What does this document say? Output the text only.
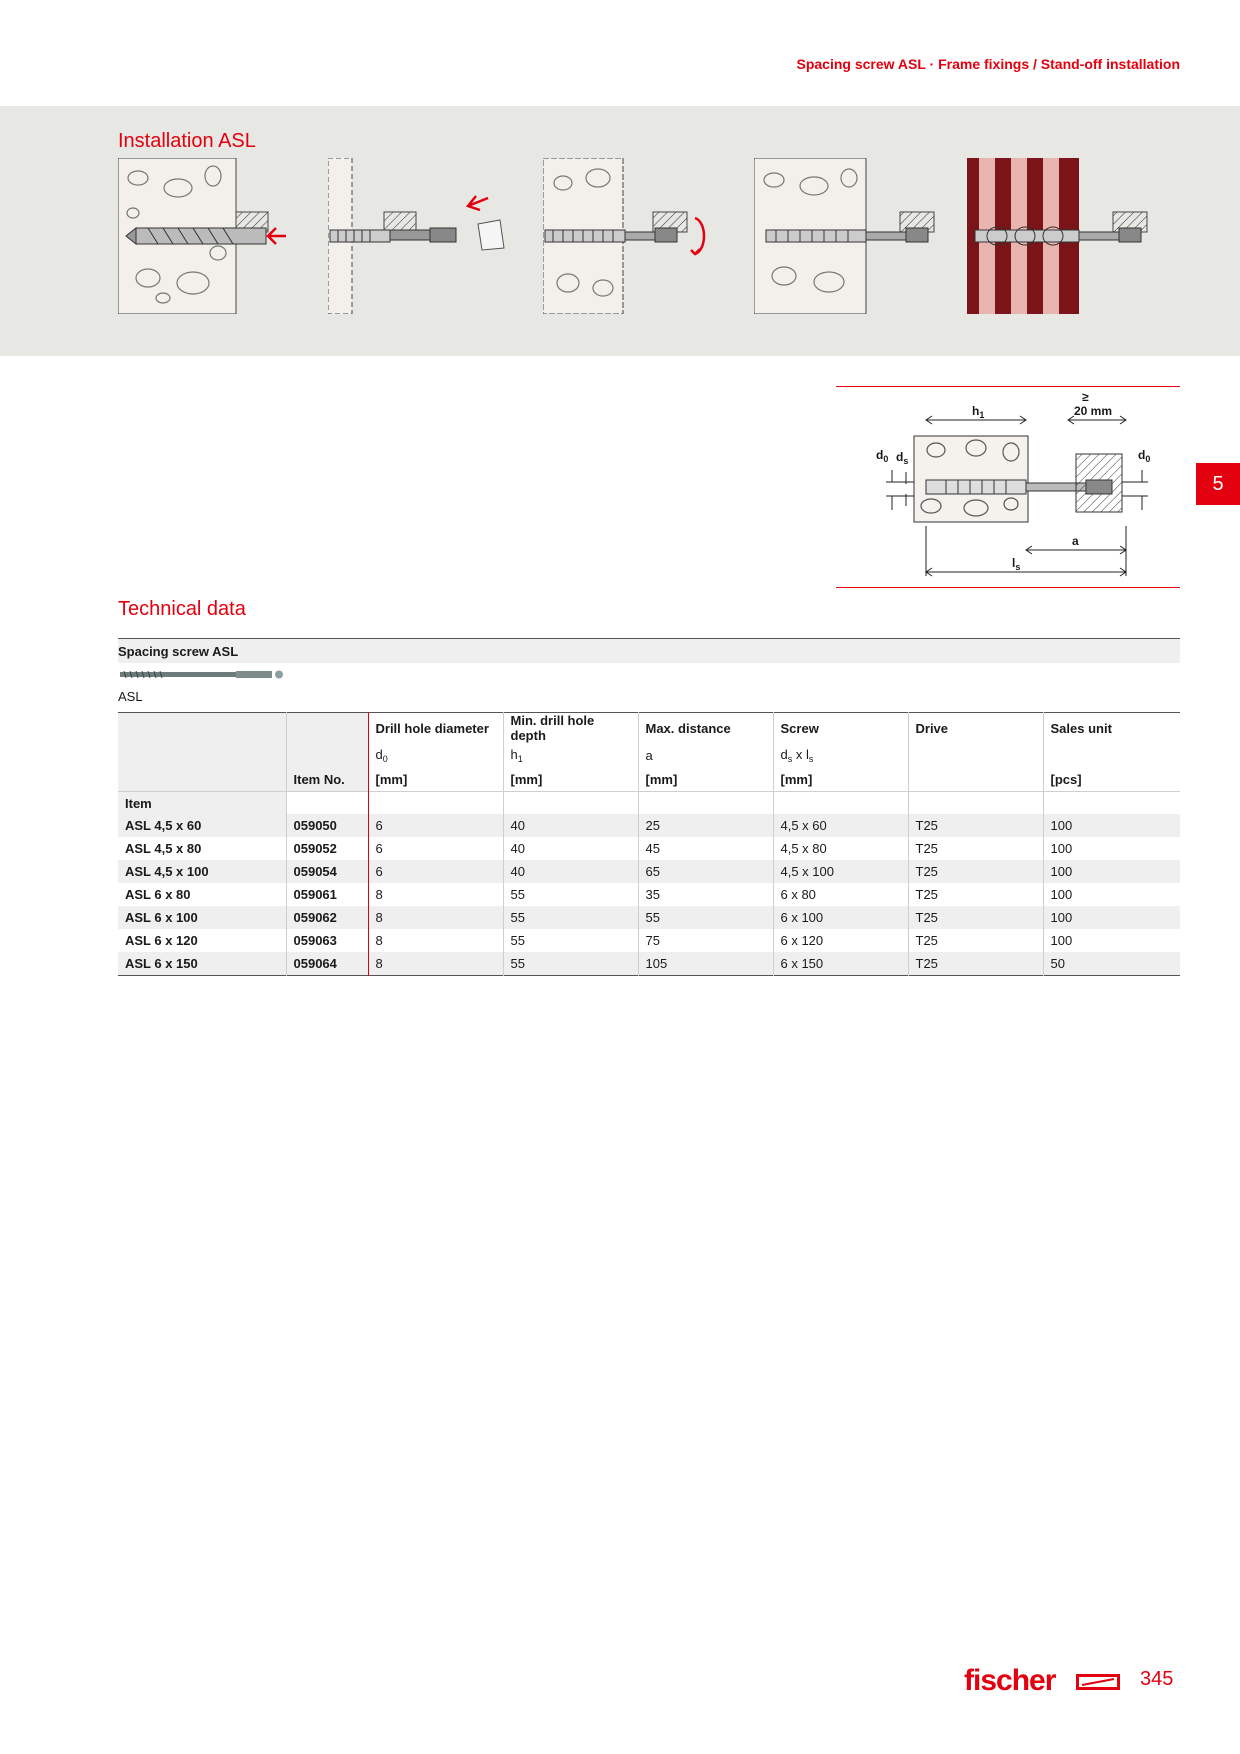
Spacing screw ASL · Frame fixings / Stand-off installation
Installation ASL
5
≥
20 mm
$h_1$
$d_0$ $d_s$	$d_0$
a
$l_s$
Technical data
Spacing screw ASL
ASL
		Drill hole diameter	Min. drill hole depth	Max. distance	Screw	Drive	Sales unit
		$d_0$	$h_1$	a	$d_s$ x $l_s$		
	Item No.	[mm]	[mm]	[mm]	[mm]		[pcs]
Item							
ASL 4,5 x 60	059050	6	40	25	4,5 x 60	T25	100
ASL 4,5 x 80	059052	6	40	45	4,5 x 80	T25	100
ASL 4,5 x 100	059054	6	40	65	4,5 x 100	T25	100
ASL 6 x 80	059061	8	55	35	6 x 80	T25	100
ASL 6 x 100	059062	8	55	55	6 x 100	T25	100
ASL 6 x 120	059063	8	55	75	6 x 120	T25	100
ASL 6 x 150	059064	8	55	105	6 x 150	T25	50
fischer	345
